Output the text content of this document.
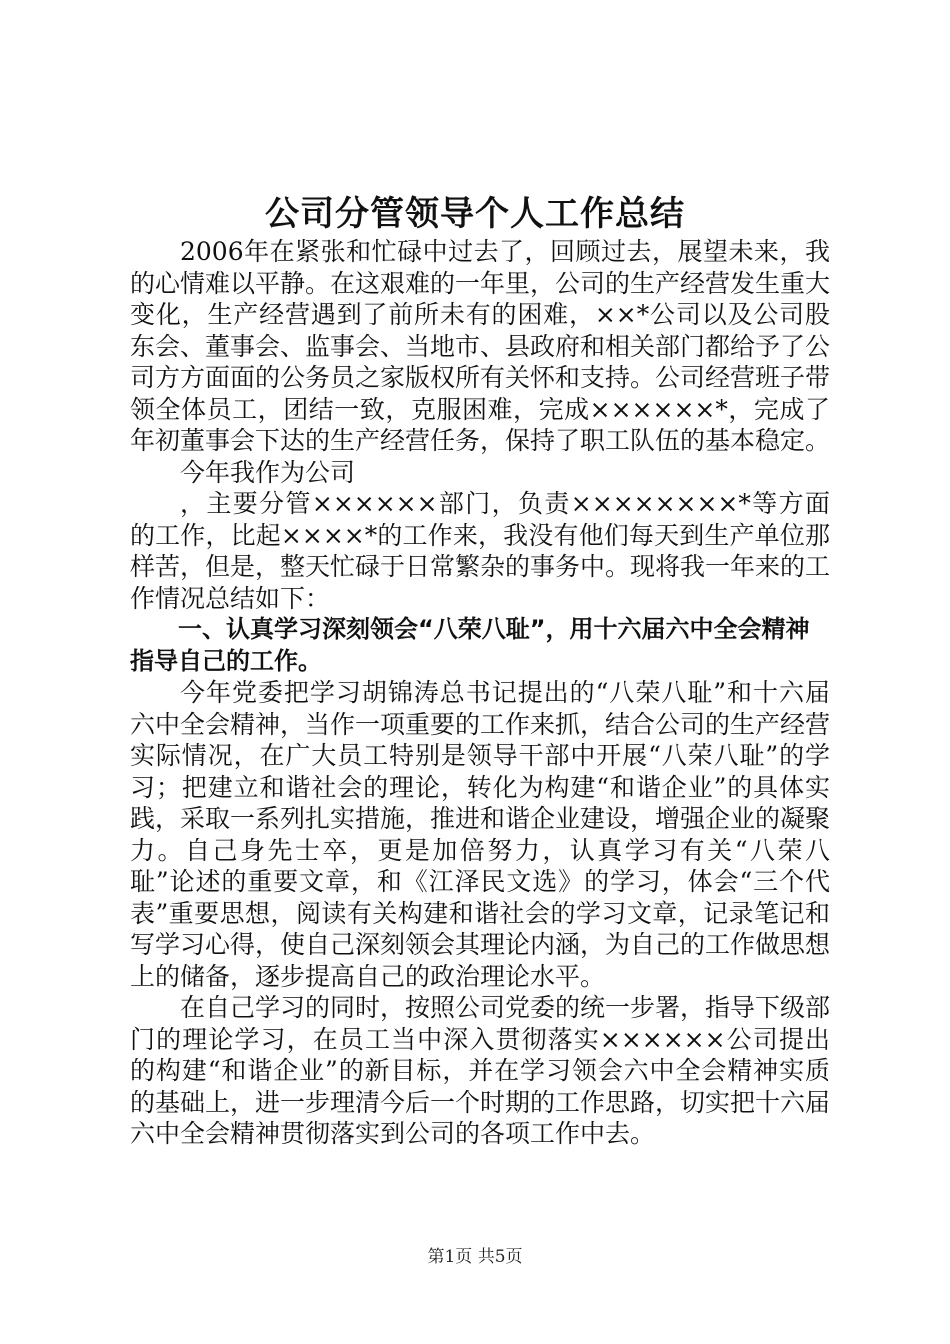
公司分管领导个人工作总结

2006年在紧张和忙碌中过去了，回顾过去，展望未来，我的心情难以平静。在这艰难的一年里，公司的生产经营发生重大变化，生产经营遇到了前所未有的困难，××*公司以及公司股东会、董事会、监事会、当地市、县政府和相关部门都给予了公司方方面面的公务员之家版权所有关怀和支持。公司经营班子带领全体员工，团结一致，克服困难，完成××××××*，完成了年初董事会下达的生产经营任务，保持了职工队伍的基本稳定。

今年我作为公司

，主要分管××××××部门，负责××××××××*等方面的工作，比起××××*的工作来，我没有他们每天到生产单位那样苦，但是，整天忙碌于日常繁杂的事务中。现将我一年来的工作情况总结如下：

一、认真学习深刻领会“八荣八耻”，用十六届六中全会精神指导自己的工作。

今年党委把学习胡锦涛总书记提出的“八荣八耻”和十六届六中全会精神，当作一项重要的工作来抓，结合公司的生产经营实际情况，在广大员工特别是领导干部中开展“八荣八耻”的学习；把建立和谐社会的理论，转化为构建“和谐企业”的具体实践，采取一系列扎实措施，推进和谐企业建设，增强企业的凝聚力。自己身先士卒，更是加倍努力，认真学习有关“八荣八耻”论述的重要文章，和《江泽民文选》的学习，体会“三个代表”重要思想，阅读有关构建和谐社会的学习文章，记录笔记和写学习心得，使自己深刻领会其理论内涵，为自己的工作做思想上的储备，逐步提高自己的政治理论水平。

在自己学习的同时，按照公司党委的统一步署，指导下级部门的理论学习，在员工当中深入贯彻落实××××××公司提出的构建“和谐企业”的新目标，并在学习领会六中全会精神实质的基础上，进一步理清今后一个时期的工作思路，切实把十六届六中全会精神贯彻落实到公司的各项工作中去。

第1页 共5页
